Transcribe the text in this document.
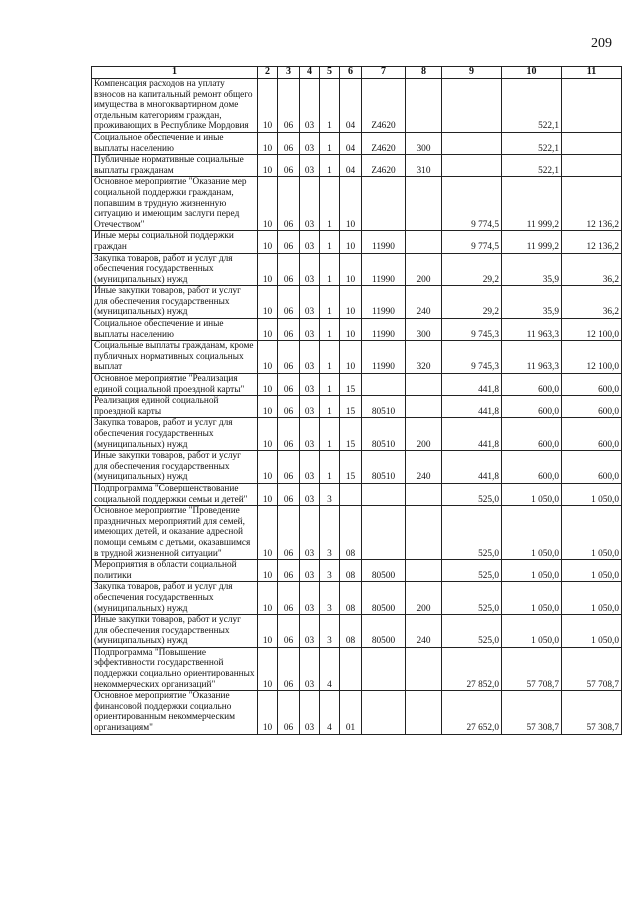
209
1	2	3	4	5	6	7	8	9	10	11
Компенсация расходов на уплату взносов на капитальный ремонт общего имущества в многоквартирном доме отдельным категориям граждан, проживающих в Республике Мордовия	10	06	03	1	04	Z4620			522,1	
Социальное обеспечение и иные выплаты населению	10	06	03	1	04	Z4620	300		522,1	
Публичные нормативные социальные выплаты гражданам	10	06	03	1	04	Z4620	310		522,1	
Основное мероприятие "Оказание мер социальной поддержки гражданам, попавшим в трудную жизненную ситуацию и имеющим заслуги перед Отечеством"	10	06	03	1	10			9 774,5	11 999,2	12 136,2
Иные меры социальной поддержки граждан	10	06	03	1	10	11990		9 774,5	11 999,2	12 136,2
Закупка товаров, работ и услуг для обеспечения государственных (муниципальных) нужд	10	06	03	1	10	11990	200	29,2	35,9	36,2
Иные закупки товаров, работ и услуг для обеспечения государственных (муниципальных) нужд	10	06	03	1	10	11990	240	29,2	35,9	36,2
Социальное обеспечение и иные выплаты населению	10	06	03	1	10	11990	300	9 745,3	11 963,3	12 100,0
Социальные выплаты гражданам, кроме публичных нормативных социальных выплат	10	06	03	1	10	11990	320	9 745,3	11 963,3	12 100,0
Основное мероприятие "Реализация единой социальной проездной карты"	10	06	03	1	15			441,8	600,0	600,0
Реализация единой социальной проездной карты	10	06	03	1	15	80510		441,8	600,0	600,0
Закупка товаров, работ и услуг для обеспечения государственных (муниципальных) нужд	10	06	03	1	15	80510	200	441,8	600,0	600,0
Иные закупки товаров, работ и услуг для обеспечения государственных (муниципальных) нужд	10	06	03	1	15	80510	240	441,8	600,0	600,0
Подпрограмма "Совершенствование социальной поддержки семьи и детей"	10	06	03	3				525,0	1 050,0	1 050,0
Основное мероприятие "Проведение праздничных мероприятий для семей, имеющих детей, и оказание адресной помощи семьям с детьми, оказавшимся в трудной жизненной ситуации"	10	06	03	3	08			525,0	1 050,0	1 050,0
Мероприятия в области социальной политики	10	06	03	3	08	80500		525,0	1 050,0	1 050,0
Закупка товаров, работ и услуг для обеспечения государственных (муниципальных) нужд	10	06	03	3	08	80500	200	525,0	1 050,0	1 050,0
Иные закупки товаров, работ и услуг для обеспечения государственных (муниципальных) нужд	10	06	03	3	08	80500	240	525,0	1 050,0	1 050,0
Подпрограмма "Повышение эффективности государственной поддержки социально ориентированных некоммерческих организаций"	10	06	03	4				27 852,0	57 708,7	57 708,7
Основное мероприятие "Оказание финансовой поддержки социально ориентированным некоммерческим организациям"	10	06	03	4	01			27 652,0	57 308,7	57 308,7
